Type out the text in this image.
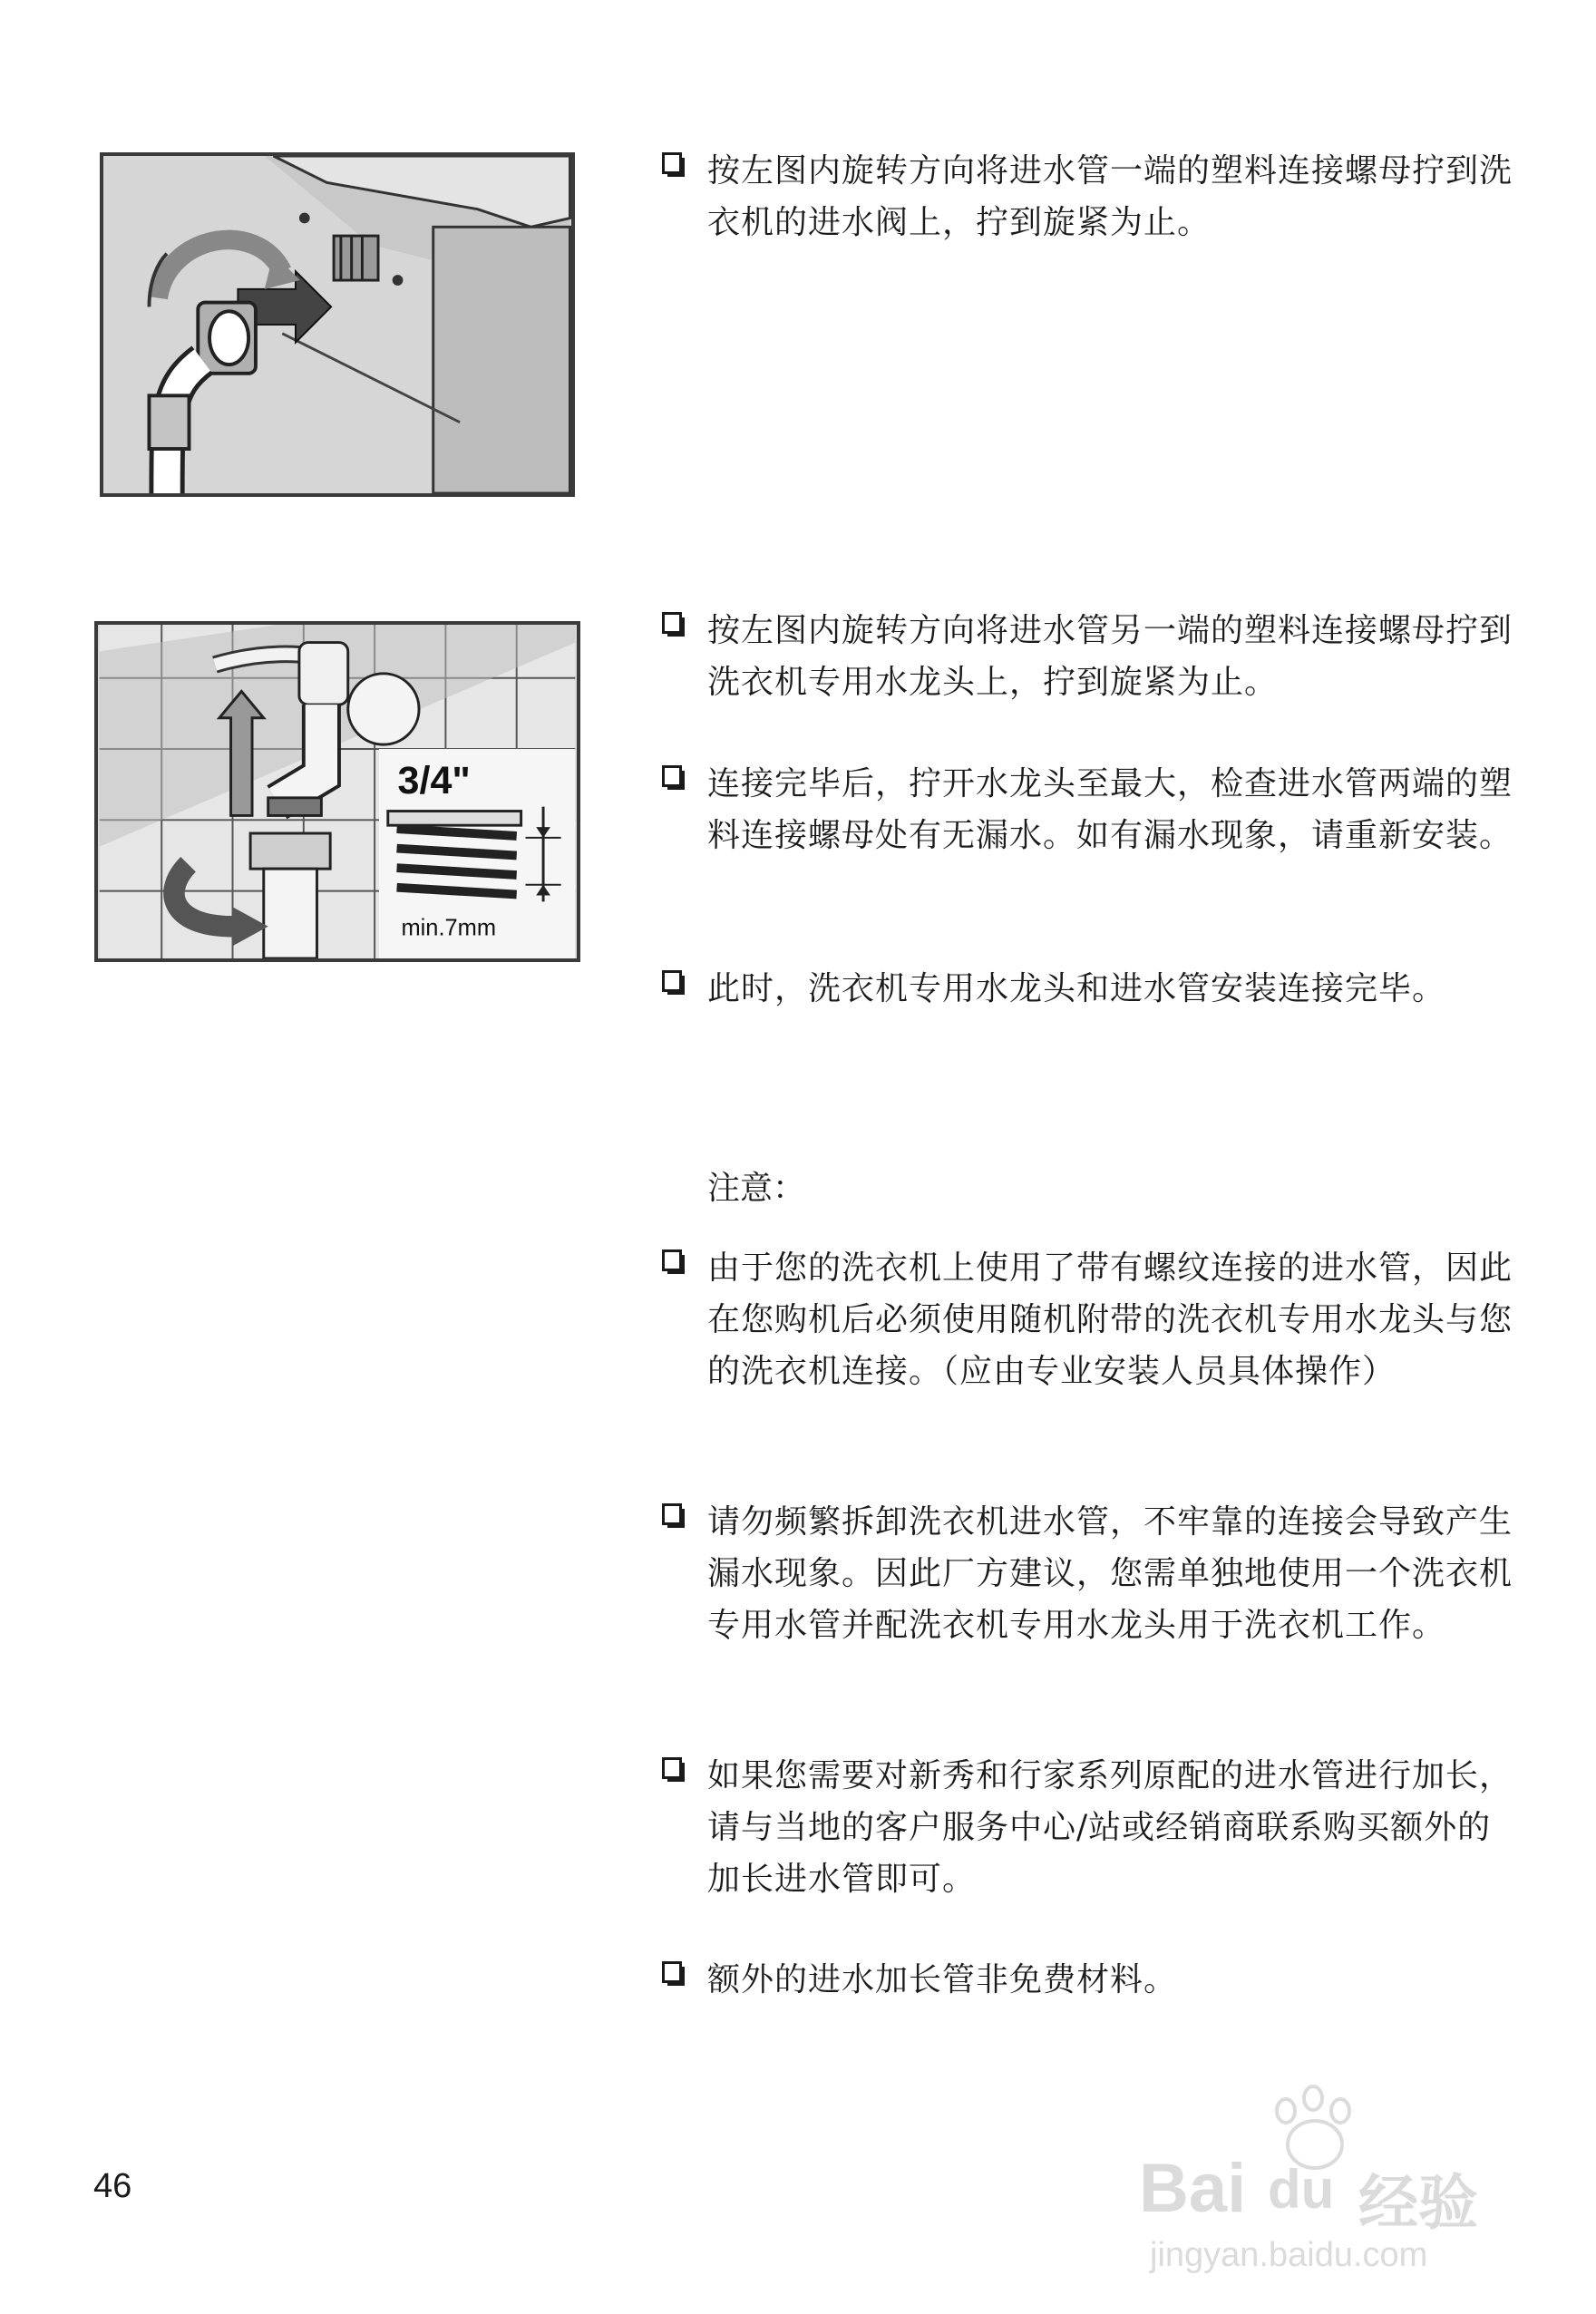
3/4"
min.7mm
按左图内旋转方向将进水管一端的塑料连接螺母拧到洗衣机的进水阀上，拧到旋紧为止。
按左图内旋转方向将进水管另一端的塑料连接螺母拧到洗衣机专用水龙头上，拧到旋紧为止。
连接完毕后，拧开水龙头至最大，检查进水管两端的塑料连接螺母处有无漏水。如有漏水现象，请重新安装。
此时，洗衣机专用水龙头和进水管安装连接完毕。
注意：
由于您的洗衣机上使用了带有螺纹连接的进水管，因此在您购机后必须使用随机附带的洗衣机专用水龙头与您的洗衣机连接。（应由专业安装人员具体操作）
请勿频繁拆卸洗衣机进水管，不牢靠的连接会导致产生漏水现象。因此厂方建议，您需单独地使用一个洗衣机专用水管并配洗衣机专用水龙头用于洗衣机工作。
如果您需要对新秀和行家系列原配的进水管进行加长，请与当地的客户服务中心/站或经销商联系购买额外的加长进水管即可。
额外的进水加长管非免费材料。
46	Bai du 经验
jingyan.baidu.com
